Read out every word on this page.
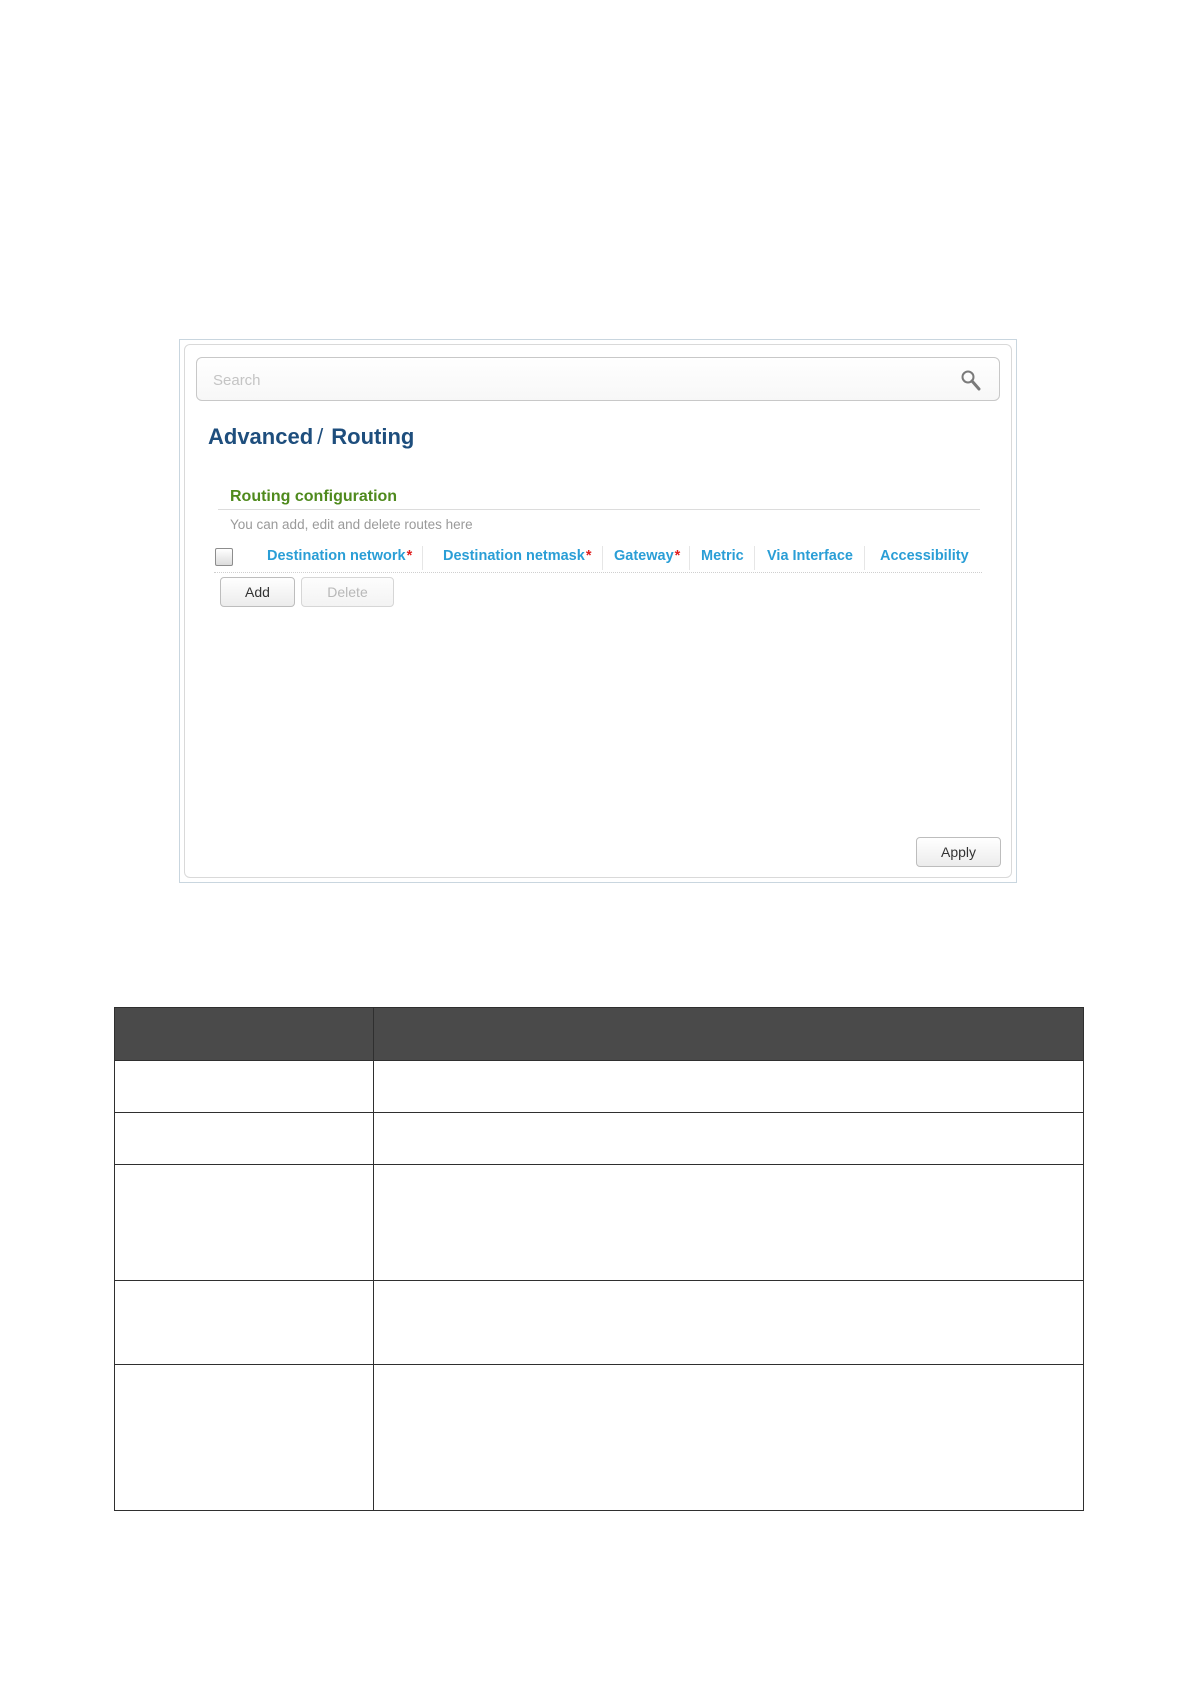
Search
Advanced / Routing
Routing configuration
You can add, edit and delete routes here
Destination network* Destination netmask* Gateway* Metric Via Interface Accessibility
Add	Delete
Apply
